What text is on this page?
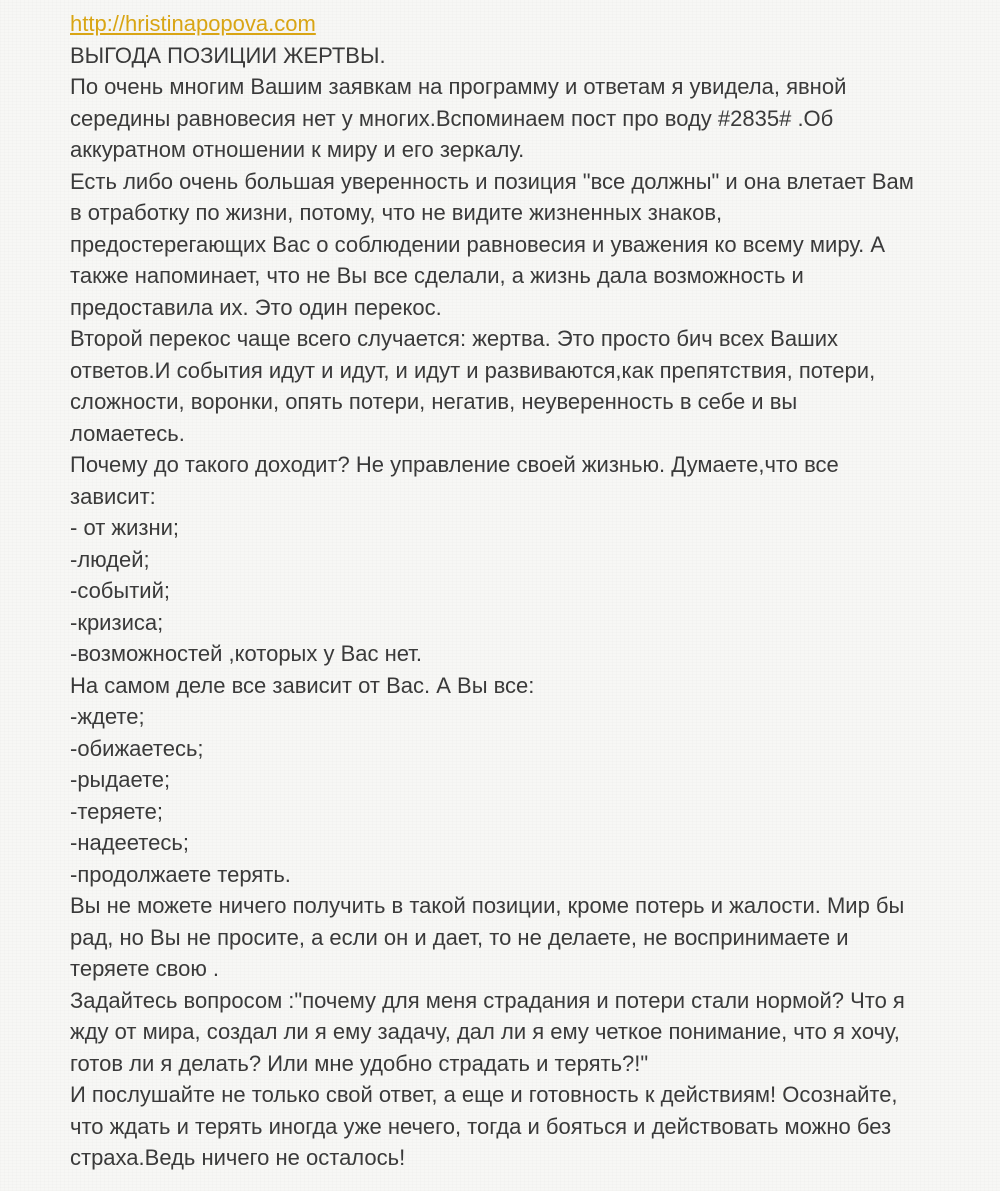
http://hristinapopova.com
ВЫГОДА ПОЗИЦИИ ЖЕРТВЫ.
По очень многим Вашим заявкам на программу и ответам я увидела, явной
середины равновесия нет у многих.Вспоминаем пост про воду #2835# .Об
аккуратном отношении к миру и его зеркалу.
Есть либо очень большая уверенность и позиция "все должны" и она влетает Вам
в отработку по жизни, потому, что не видите жизненных знаков,
предостерегающих Вас о соблюдении равновесия и уважения ко всему миру. А
также напоминает, что не Вы все сделали, а жизнь дала возможность и
предоставила их. Это один перекос.
Второй перекос чаще всего случается: жертва. Это просто бич всех Ваших
ответов.И события идут и идут, и идут и развиваются,как препятствия, потери,
сложности, воронки, опять потери, негатив, неуверенность в себе и вы
ломаетесь.
Почему до такого доходит? Не управление своей жизнью. Думаете,что все
зависит:
- от жизни;
-людей;
-событий;
-кризиса;
-возможностей ,которых у Вас нет.
На самом деле все зависит от Вас. А Вы все:
-ждете;
-обижаетесь;
-рыдаете;
-теряете;
-надеетесь;
-продолжаете терять.
Вы не можете ничего получить в такой позиции, кроме потерь и жалости. Мир бы
рад, но Вы не просите, а если он и дает, то не делаете, не воспринимаете и
теряете свою .
Задайтесь вопросом :"почему для меня страдания и потери стали нормой? Что я
жду от мира, создал ли я ему задачу, дал ли я ему четкое понимание, что я хочу,
готов ли я делать? Или мне удобно страдать и терять?!"
И послушайте не только свой ответ, а еще и готовность к действиям! Осознайте,
что ждать и терять иногда уже нечего, тогда и бояться и действовать можно без
страха.Ведь ничего не осталось!
